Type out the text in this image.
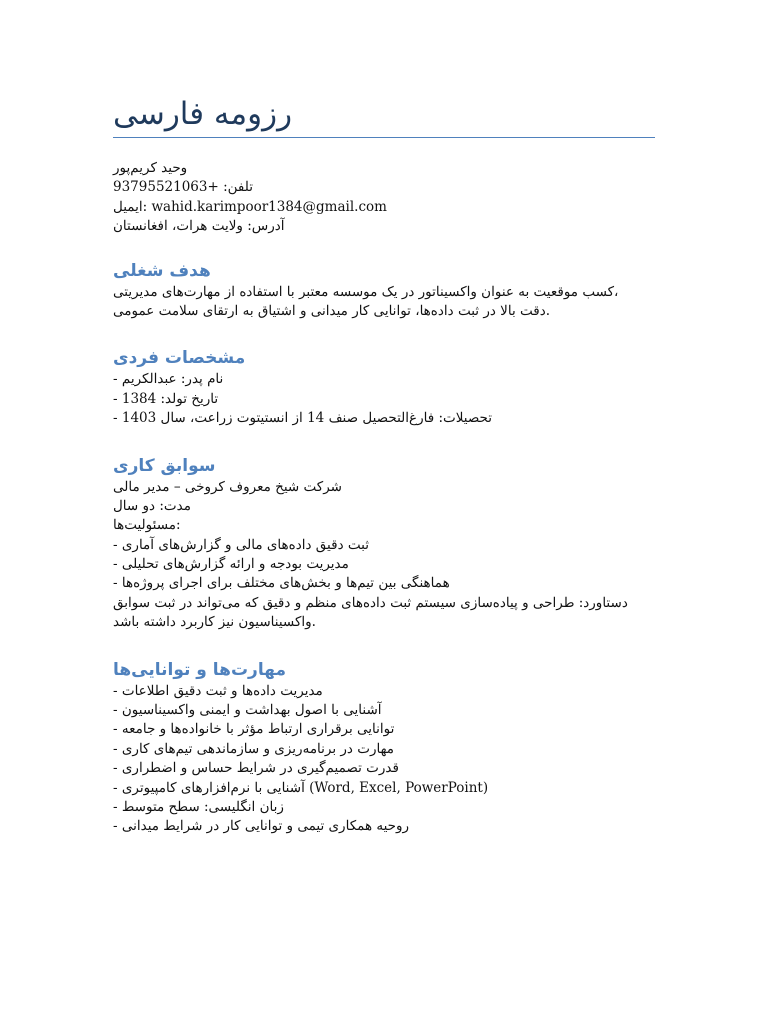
رزومه فارسی
وحید کریم‌پور
93795521063+ :تلفن
ایمیل: wahid.karimpoor1384@gmail.com
آدرس: ولایت هرات، افغانستان
هدف شغلی
کسب موقعیت به عنوان واکسیناتور در یک موسسه معتبر با استفاده از مهارت‌های مدیریتی،
دقت بالا در ثبت داده‌ها، توانایی کار میدانی و اشتیاق به ارتقای سلامت عمومی.
مشخصات فردی
- نام پدر: عبدالکریم
- تاریخ تولد: 1384
- تحصیلات: فارغ‌التحصیل صنف 14 از انستیتوت زراعت، سال 1403
سوابق کاری
شرکت شیخ معروف کروخی – مدیر مالی
مدت: دو سال
مسئولیت‌ها:
- ثبت دقیق داده‌های مالی و گزارش‌های آماری
- مدیریت بودجه و ارائه گزارش‌های تحلیلی
- هماهنگی بین تیم‌ها و بخش‌های مختلف برای اجرای پروژه‌ها
دستاورد: طراحی و پیاده‌سازی سیستم ثبت داده‌های منظم و دقیق که می‌تواند در ثبت سوابق
واکسیناسیون نیز کاربرد داشته باشد.
مهارت‌ها و توانایی‌ها
- مدیریت داده‌ها و ثبت دقیق اطلاعات
- آشنایی با اصول بهداشت و ایمنی واکسیناسیون
- توانایی برقراری ارتباط مؤثر با خانواده‌ها و جامعه
- مهارت در برنامه‌ریزی و سازماندهی تیم‌های کاری
- قدرت تصمیم‌گیری در شرایط حساس و اضطراری
- آشنایی با نرم‌افزارهای کامپیوتری (Word, Excel, PowerPoint)
- زبان انگلیسی: سطح متوسط
- روحیه همکاری تیمی و توانایی کار در شرایط میدانی
